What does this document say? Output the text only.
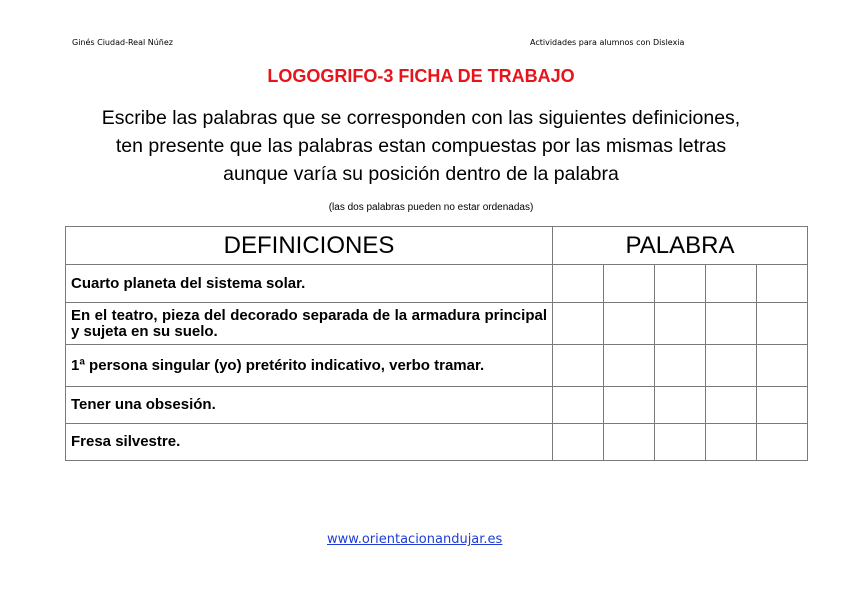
Ginés Ciudad-Real Núñez	Actividades para alumnos con Dislexia
LOGOGRIFO-3 FICHA DE TRABAJO
Escribe las palabras que se corresponden con las siguientes definiciones,
ten presente que las palabras estan compuestas por las mismas letras
aunque varía su posición dentro de la palabra
(las dos palabras pueden no estar ordenadas)
DEFINICIONES	PALABRA				
Cuarto planeta del sistema solar.					
En el teatro, pieza del decorado separada de la armadura principal y sujeta en su suelo.					
1ª persona singular (yo) pretérito indicativo, verbo tramar.					
Tener una obsesión.					
Fresa silvestre.					
www.orientacionandujar.es
